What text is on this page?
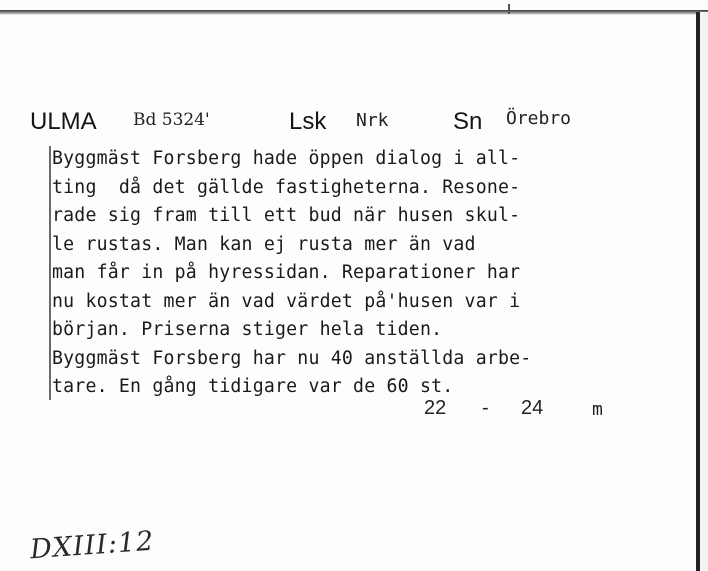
ULMA Bd 5324'	Lsk Nrk	Sn Örebro
Byggmäst Forsberg hade öppen dialog i all-
ting  då det gällde fastigheterna. Resone-
rade sig fram till ett bud när husen skul-
le rustas. Man kan ej rusta mer än vad
man får in på hyressidan. Reparationer har
nu kostat mer än vad värdet på'husen var i
början. Priserna stiger hela tiden.
Byggmäst Forsberg har nu 40 anställda arbe-
tare. En gång tidigare var de 60 st.
22 - 24	m
DXIII:12
